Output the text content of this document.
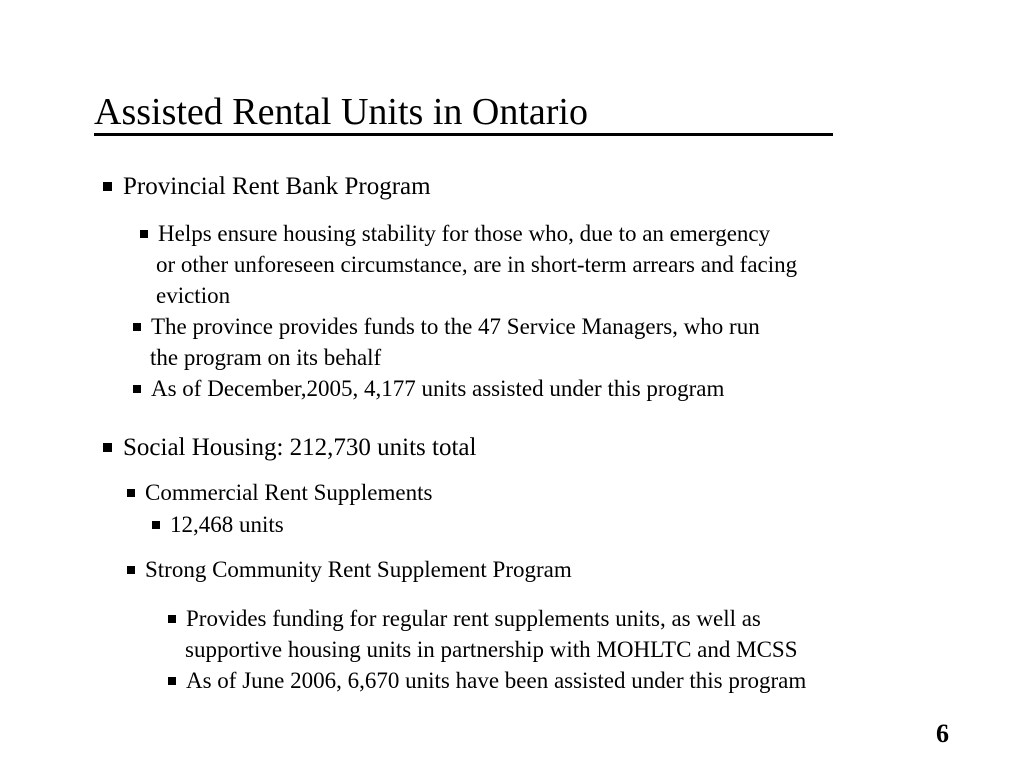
Assisted Rental Units in Ontario
Provincial Rent Bank Program
Helps ensure housing stability for those who, due to an emergency
or other unforeseen circumstance, are in short-term arrears and facing
eviction
The province provides funds to the 47 Service Managers, who run
the program on its behalf
As of December,2005, 4,177 units assisted under this program
Social Housing: 212,730 units total
Commercial Rent Supplements
12,468 units
Strong Community Rent Supplement Program
Provides funding for regular rent supplements units, as well as
supportive housing units in partnership with MOHLTC and MCSS
As of June 2006, 6,670 units have been assisted under this program
6
